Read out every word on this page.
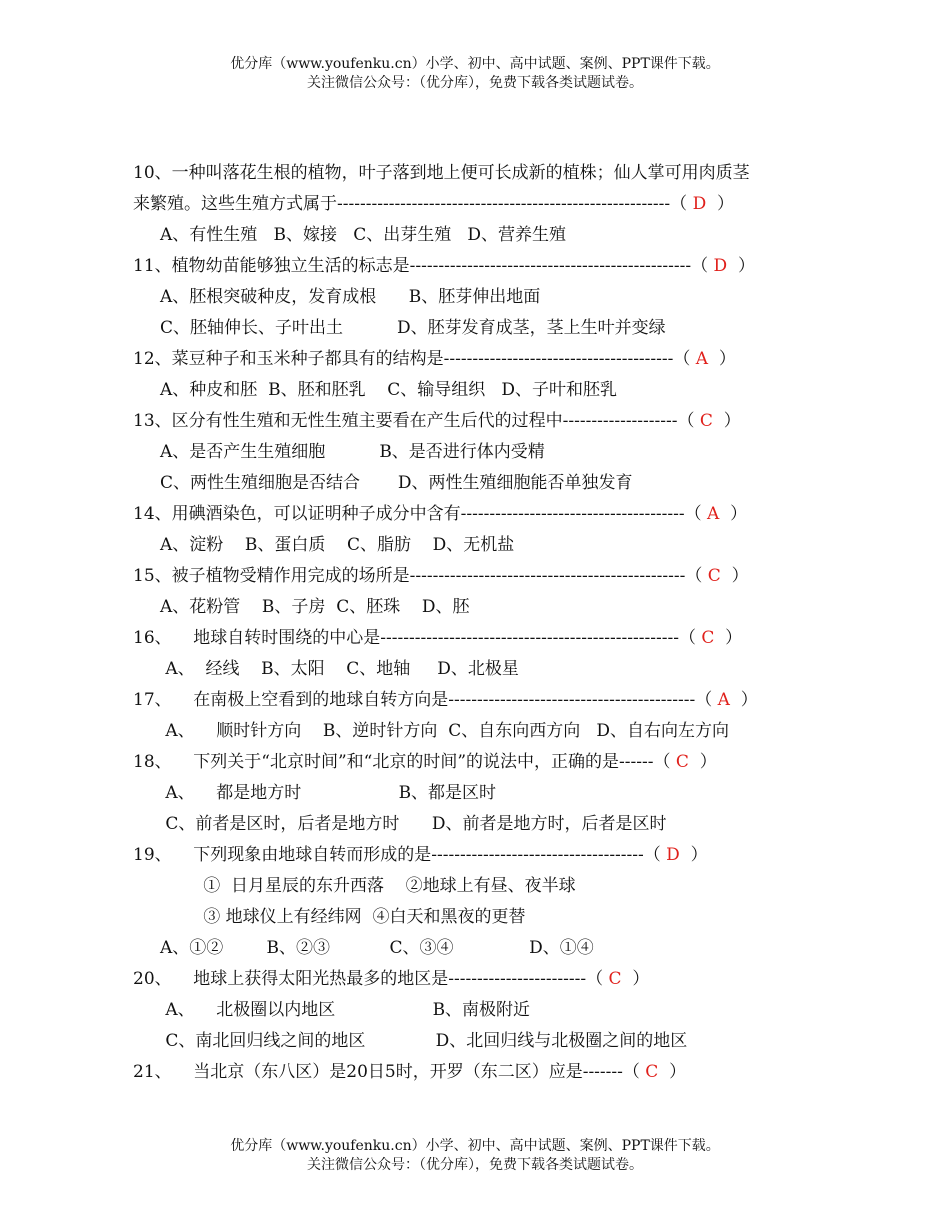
优分库（www.youfenku.cn）小学、初中、高中试题、案例、PPT课件下载。
关注微信公众号：（优分库），免费下载各类试题试卷。
10、一种叫落花生根的植物，叶子落到地上便可长成新的植株；仙人掌可用肉质茎
来繁殖。这些生殖方式属于----------------------------------------------------------（ D  ）
A、有性生殖   B、嫁接   C、出芽生殖   D、营养生殖
11、植物幼苗能够独立生活的标志是-------------------------------------------------（ D  ）
A、胚根突破种皮，发育成根      B、胚芽伸出地面
C、胚轴伸长、子叶出土          D、胚芽发育成茎，茎上生叶并变绿
12、菜豆种子和玉米种子都具有的结构是----------------------------------------（ A  ）
A、种皮和胚  B、胚和胚乳    C、输导组织   D、子叶和胚乳
13、区分有性生殖和无性生殖主要看在产生后代的过程中--------------------（ C  ）
A、是否产生生殖细胞          B、是否进行体内受精
C、两性生殖细胞是否结合       D、两性生殖细胞能否单独发育
14、用碘酒染色，可以证明种子成分中含有---------------------------------------（ A  ）
A、淀粉    B、蛋白质    C、脂肪    D、无机盐
15、被子植物受精作用完成的场所是------------------------------------------------（ C  ）
A、花粉管    B、子房  C、胚珠    D、胚
16、    地球自转时围绕的中心是----------------------------------------------------（ C  ）
A、  经线    B、太阳    C、地轴     D、北极星
17、    在南极上空看到的地球自转方向是-------------------------------------------（ A  ）
A、    顺时针方向    B、逆时针方向  C、自东向西方向   D、自右向左方向
18、    下列关于“北京时间”和“北京的时间”的说法中，正确的是------（ C  ）
A、    都是地方时                  B、都是区时
C、前者是区时，后者是地方时      D、前者是地方时，后者是区时
19、    下列现象由地球自转而形成的是-------------------------------------（ D  ）
①  日月星辰的东升西落    ②地球上有昼、夜半球
③ 地球仪上有经纬网  ④白天和黑夜的更替
A、①②        B、②③           C、③④              D、①④
20、    地球上获得太阳光热最多的地区是------------------------（ C  ）
A、    北极圈以内地区                  B、南极附近
C、南北回归线之间的地区             D、北回归线与北极圈之间的地区
21、    当北京（东八区）是20日5时，开罗（东二区）应是-------（ C  ）
优分库（www.youfenku.cn）小学、初中、高中试题、案例、PPT课件下载。
关注微信公众号：（优分库），免费下载各类试题试卷。
